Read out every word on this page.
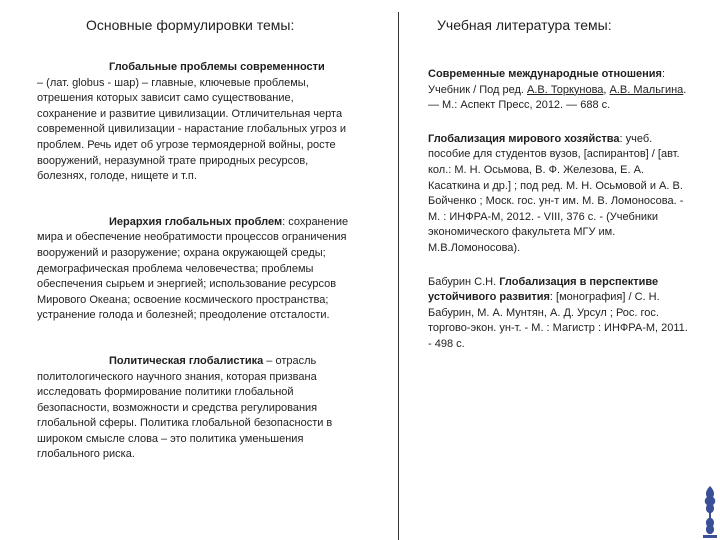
Основные формулировки темы:	Учебная литература темы:

Глобальные проблемы современности
– (лат. globus - шар) – главные, ключевые проблемы, отрешения которых зависит само существование, сохранение и развитие цивилизации. Отличительная черта современной цивилизации - нарастание глобальных угроз и проблем. Речь идет об угрозе термоядерной войны, росте вооружений, неразумной трате природных ресурсов, болезнях, голоде, нищете и т.п.

Иерархия глобальных проблем: сохранение мира и обеспечение необратимости процессов ограничения вооружений и разоружение; охрана окружающей среды; демографическая проблема человечества; проблемы обеспечения сырьем и энергией; использование ресурсов Мирового Океана; освоение космического пространства; устранение голода и болезней; преодоление отсталости.

Политическая глобалистика – отрасль политологического научного знания, которая призвана исследовать формирование политики глобальной безопасности, возможности и средства регулирования глобальной сферы. Политика глобальной безопасности в широком смысле слова – это политика уменьшения глобального риска.

Современные международные отношения: Учебник / Под ред. А.В. Торкунова, А.В. Мальгина. — М.: Аспект Пресс, 2012. — 688 с.

Глобализация мирового хозяйства: учеб. пособие для студентов вузов, [аспирантов] / [авт. кол.: М. Н. Осьмова, В. Ф. Железова, Е. А. Касаткина и др.] ; под ред. М. Н. Осьмовой и А. В. Бойченко ; Моск. гос. ун-т им. М. В. Ломоносова. - М. : ИНФРА-М, 2012. - VIII, 376 с. - (Учебники экономического факультета МГУ им. М.В.Ломоносова).

Бабурин С.Н. Глобализация в перспективе устойчивого развития: [монография] / С. Н. Бабурин, М. А. Мунтян, А. Д. Урсул ; Рос. гос. торгово-экон. ун-т. - М. : Магистр : ИНФРА-М, 2011. - 498 с.
